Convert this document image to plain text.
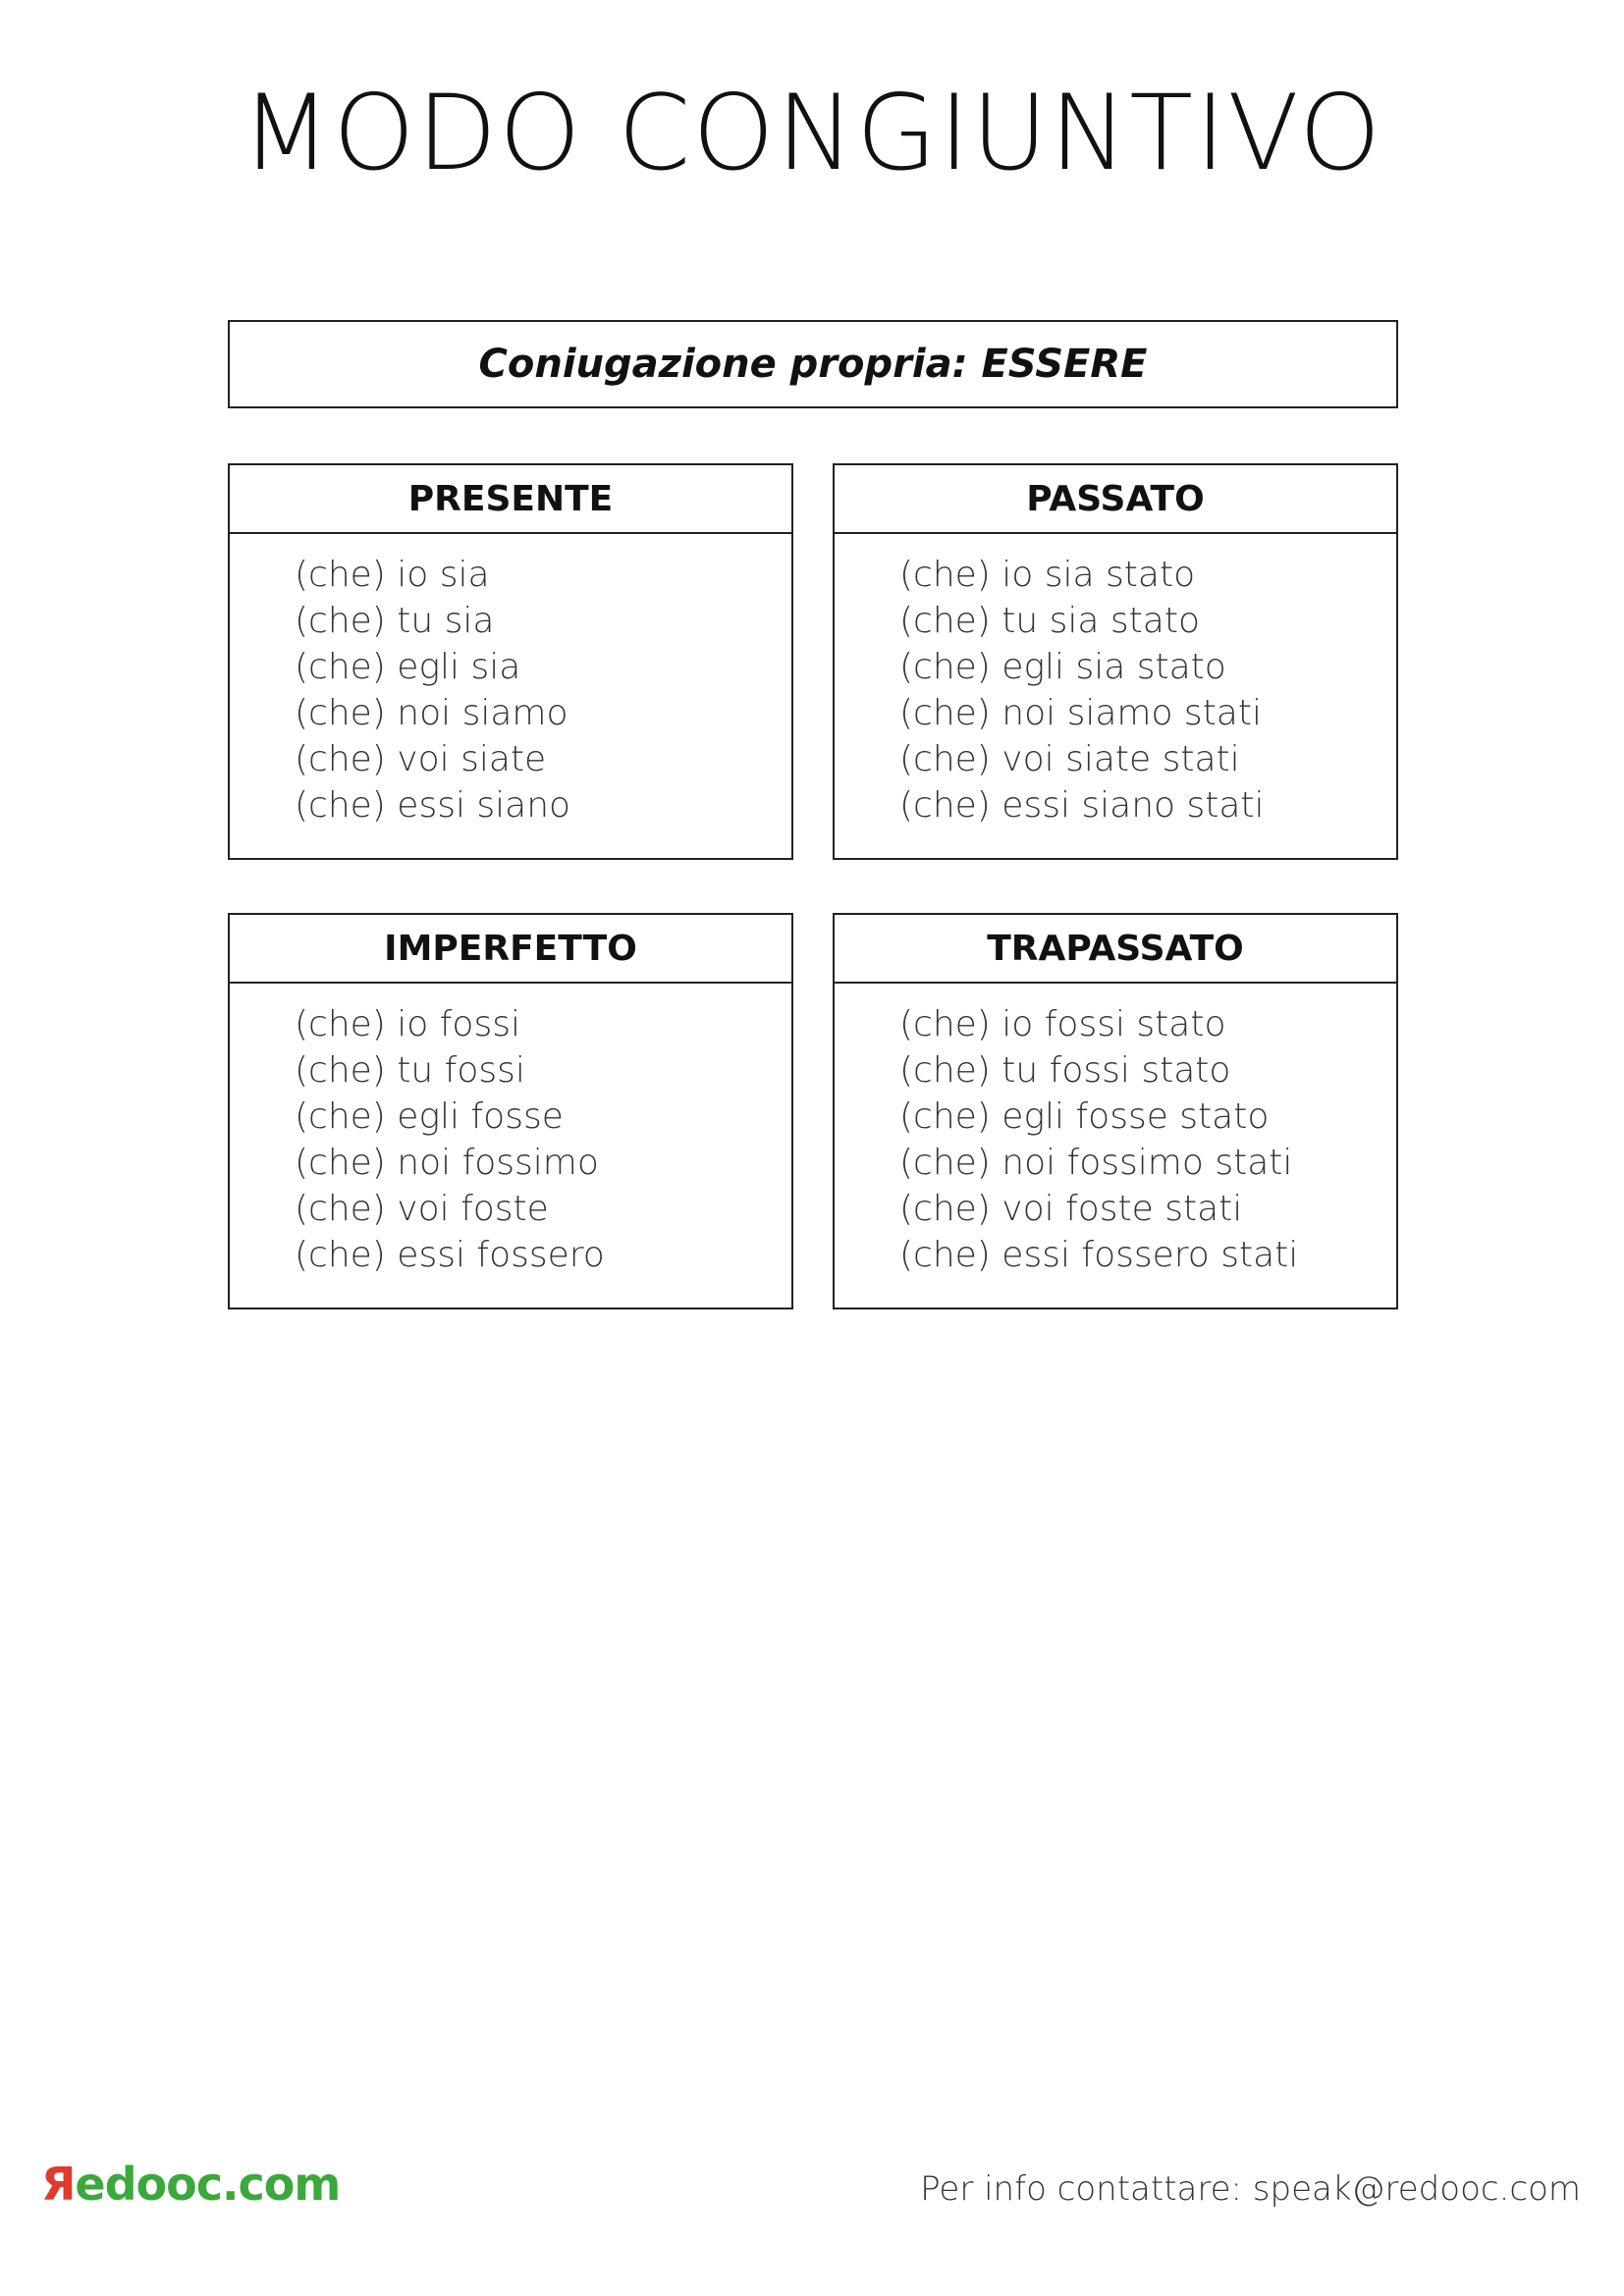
MODO CONGIUNTIVO
Coniugazione propria: ESSERE
PRESENTE
(che) io sia
(che) tu sia
(che) egli sia
(che) noi siamo
(che) voi siate
(che) essi siano
PASSATO
(che) io sia stato
(che) tu sia stato
(che) egli sia stato
(che) noi siamo stati
(che) voi siate stati
(che) essi siano stati
IMPERFETTO
(che) io fossi
(che) tu fossi
(che) egli fosse
(che) noi fossimo
(che) voi foste
(che) essi fossero
TRAPASSATO
(che) io fossi stato
(che) tu fossi stato
(che) egli fosse stato
(che) noi fossimo stati
(che) voi foste stati
(che) essi fossero stati
Яedooc.com	Per info contattare: speak@redooc.com
